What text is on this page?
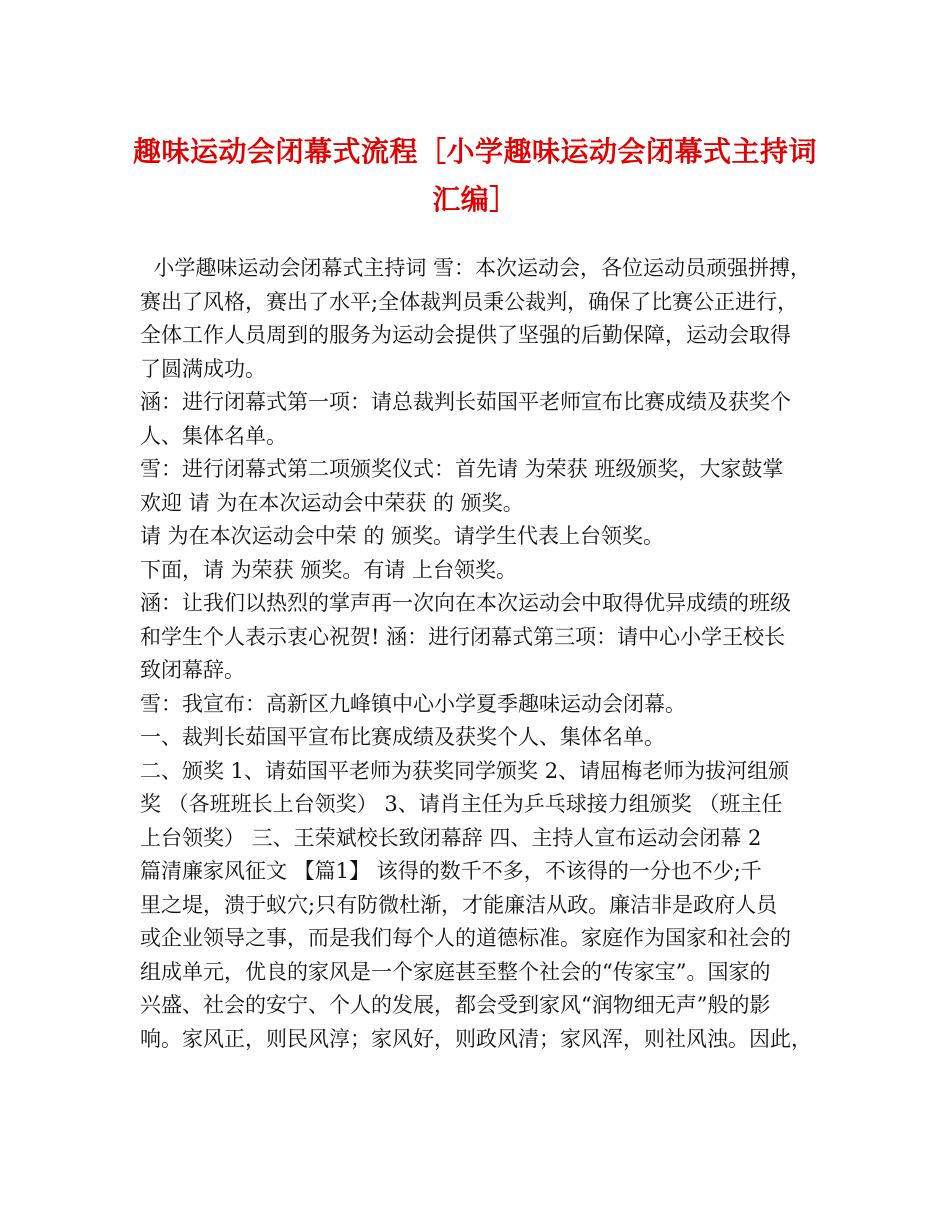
趣味运动会闭幕式流程［小学趣味运动会闭幕式主持词
汇编］
小学趣味运动会闭幕式主持词 雪：本次运动会，各位运动员顽强拼搏，
赛出了风格，赛出了水平;全体裁判员秉公裁判，确保了比赛公正进行，
全体工作人员周到的服务为运动会提供了坚强的后勤保障，运动会取得
了圆满成功。
涵：进行闭幕式第一项：请总裁判长茹国平老师宣布比赛成绩及获奖个
人、集体名单。
雪：进行闭幕式第二项颁奖仪式：首先请 为荣获 班级颁奖，大家鼓掌
欢迎 请 为在本次运动会中荣获 的 颁奖。
请 为在本次运动会中荣 的 颁奖。请学生代表上台领奖。
下面，请 为荣获 颁奖。有请 上台领奖。
涵：让我们以热烈的掌声再一次向在本次运动会中取得优异成绩的班级
和学生个人表示衷心祝贺! 涵：进行闭幕式第三项：请中心小学王校长
致闭幕辞。
雪：我宣布：高新区九峰镇中心小学夏季趣味运动会闭幕。
一、裁判长茹国平宣布比赛成绩及获奖个人、集体名单。
二、颁奖 1、请茹国平老师为获奖同学颁奖 2、请屈梅老师为拔河组颁
奖 （各班班长上台领奖） 3、请肖主任为乒乓球接力组颁奖 （班主任
上台领奖） 三、王荣斌校长致闭幕辞 四、主持人宣布运动会闭幕 2
篇清廉家风征文 【篇1】 该得的数千不多，不该得的一分也不少;千
里之堤，溃于蚁穴;只有防微杜渐，才能廉洁从政。廉洁非是政府人员
或企业领导之事，而是我们每个人的道德标准。家庭作为国家和社会的
组成单元，优良的家风是一个家庭甚至整个社会的“传家宝”。国家的
兴盛、社会的安宁、个人的发展，都会受到家风“润物细无声”般的影
响。家风正，则民风淳；家风好，则政风清；家风浑，则社风浊。因此，
